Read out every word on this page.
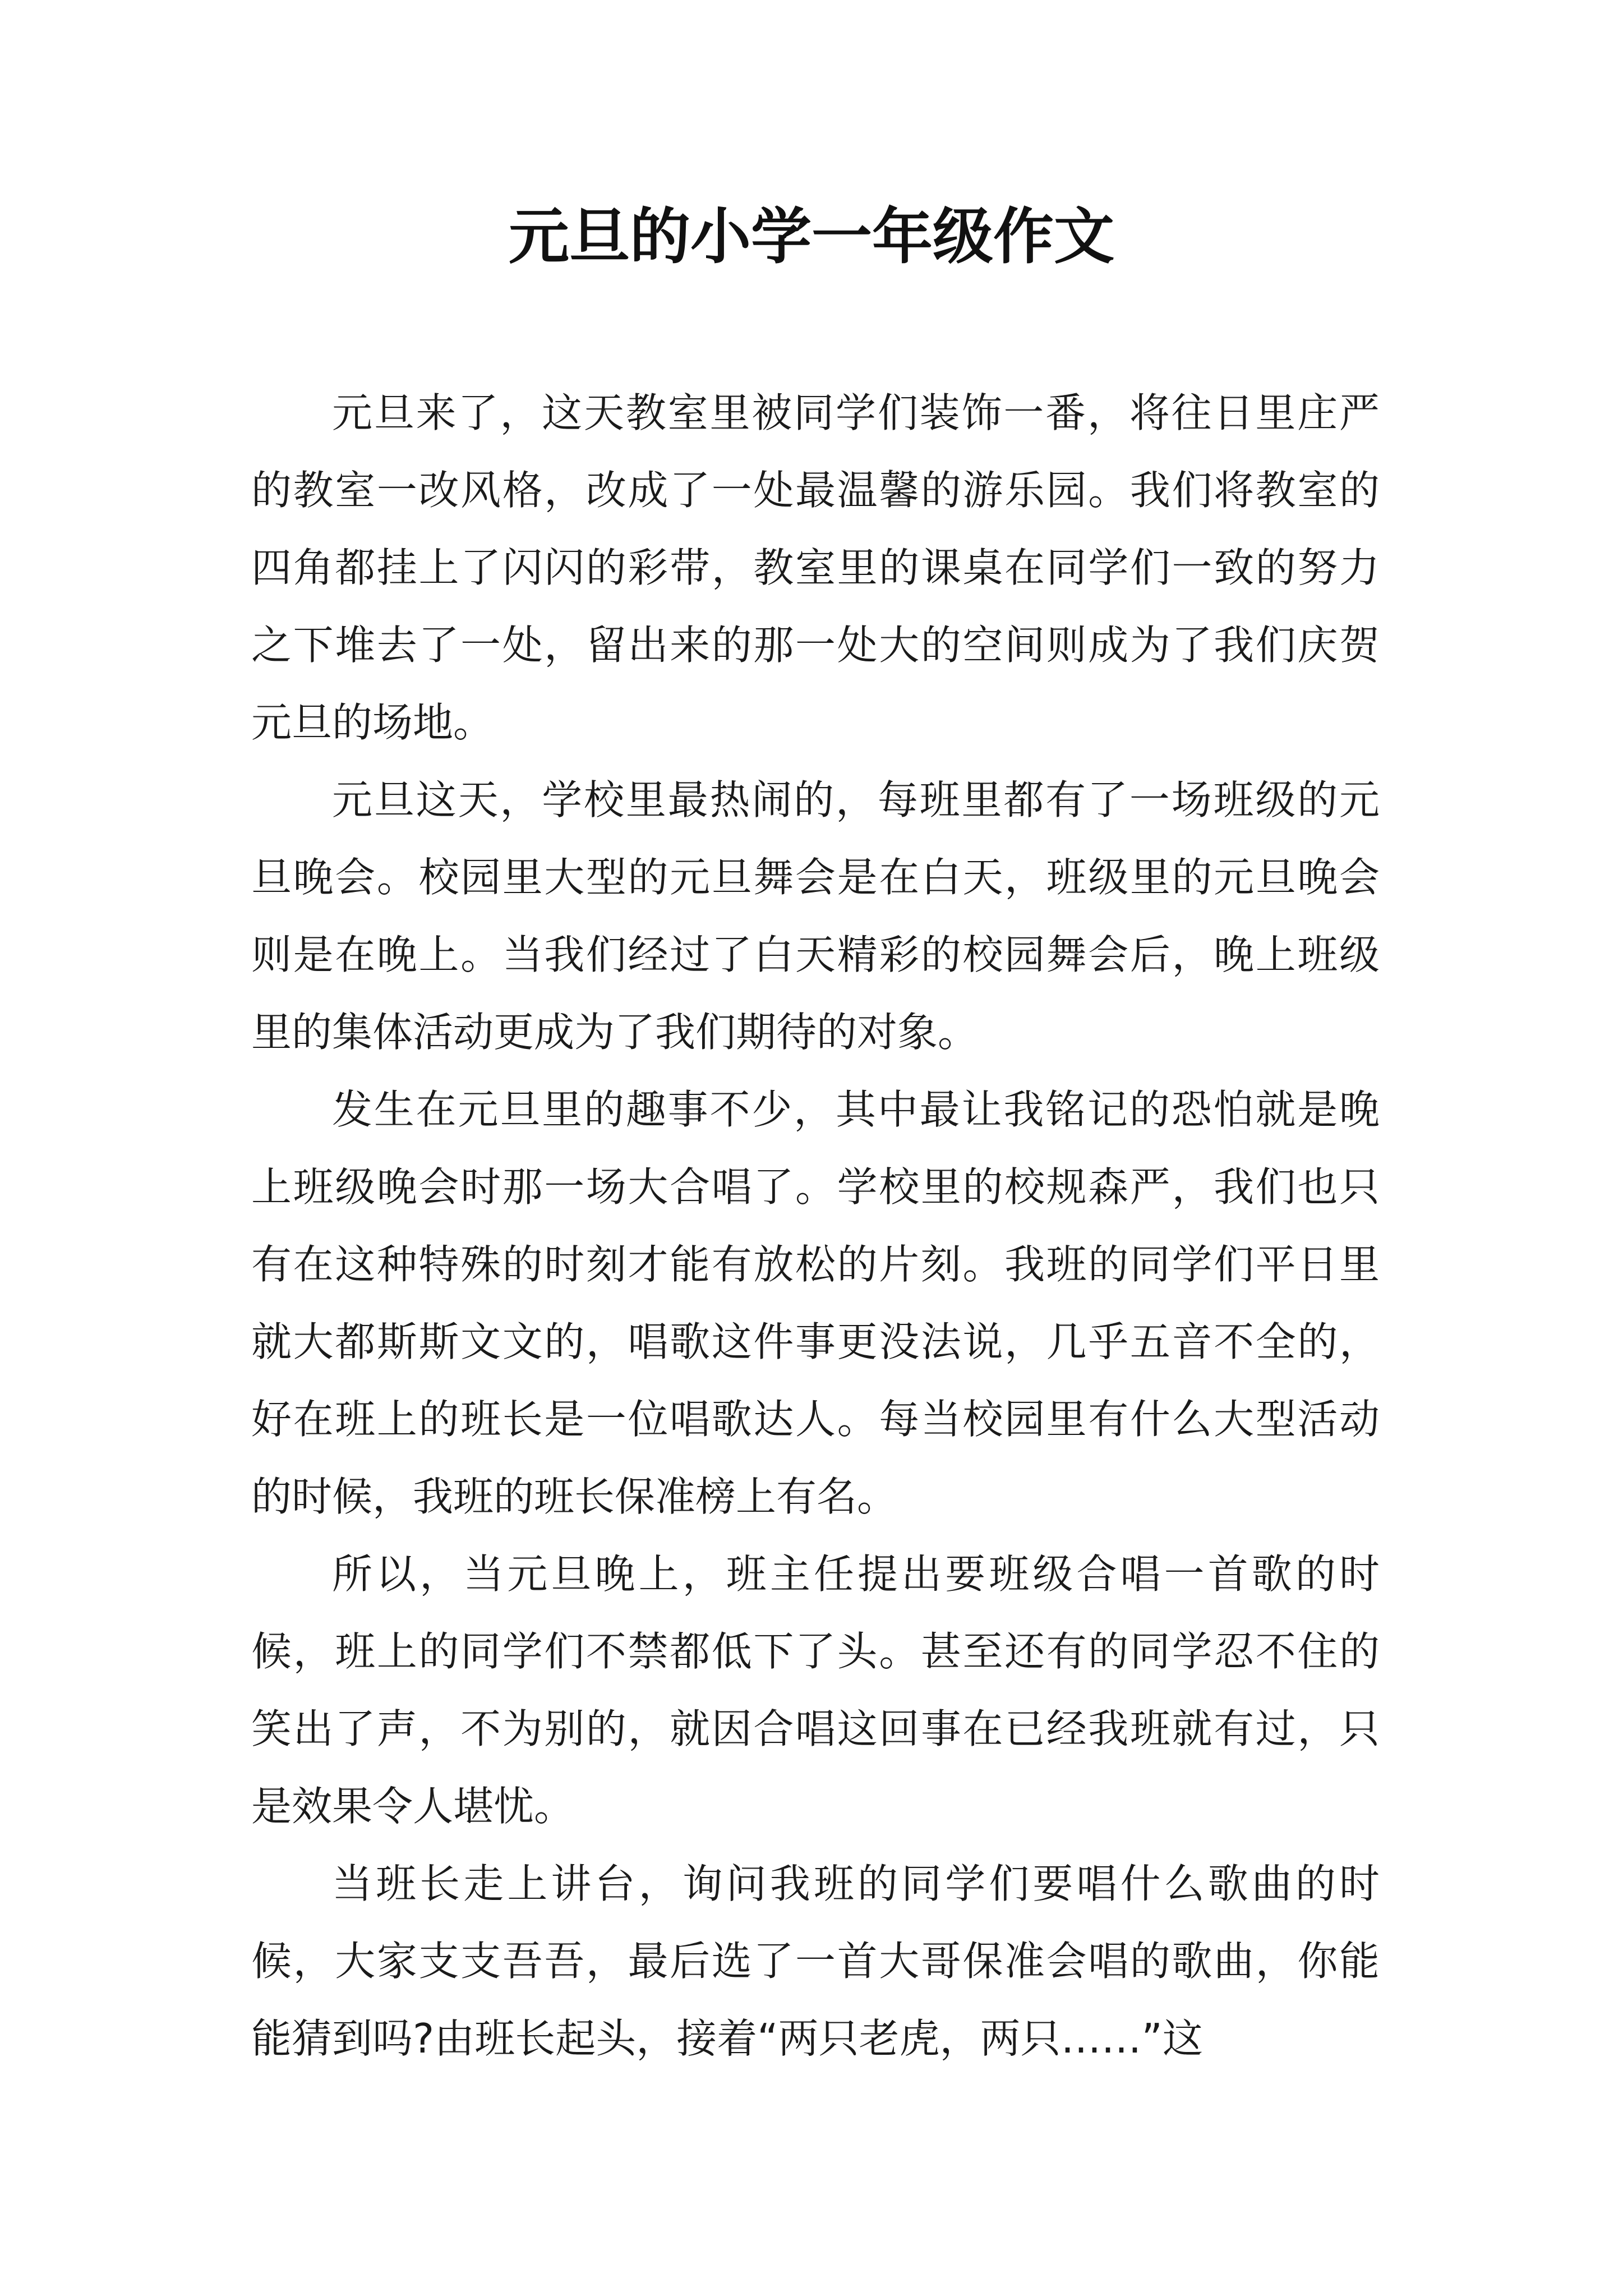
元旦的小学一年级作文

元旦来了，这天教室里被同学们装饰一番，将往日里庄严的教室一改风格，改成了一处最温馨的游乐园。我们将教室的四角都挂上了闪闪的彩带，教室里的课桌在同学们一致的努力之下堆去了一处，留出来的那一处大的空间则成为了我们庆贺元旦的场地。

元旦这天，学校里最热闹的，每班里都有了一场班级的元旦晚会。校园里大型的元旦舞会是在白天，班级里的元旦晚会则是在晚上。当我们经过了白天精彩的校园舞会后，晚上班级里的集体活动更成为了我们期待的对象。

发生在元旦里的趣事不少，其中最让我铭记的恐怕就是晚上班级晚会时那一场大合唱了。学校里的校规森严，我们也只有在这种特殊的时刻才能有放松的片刻。我班的同学们平日里就大都斯斯文文的，唱歌这件事更没法说，几乎五音不全的，好在班上的班长是一位唱歌达人。每当校园里有什么大型活动的时候，我班的班长保准榜上有名。

所以，当元旦晚上，班主任提出要班级合唱一首歌的时候，班上的同学们不禁都低下了头。甚至还有的同学忍不住的笑出了声，不为别的，就因合唱这回事在已经我班就有过，只是效果令人堪忧。

当班长走上讲台，询问我班的同学们要唱什么歌曲的时候，大家支支吾吾，最后选了一首大哥保准会唱的歌曲，你能能猜到吗?由班长起头，接着“两只老虎，两只……”这
